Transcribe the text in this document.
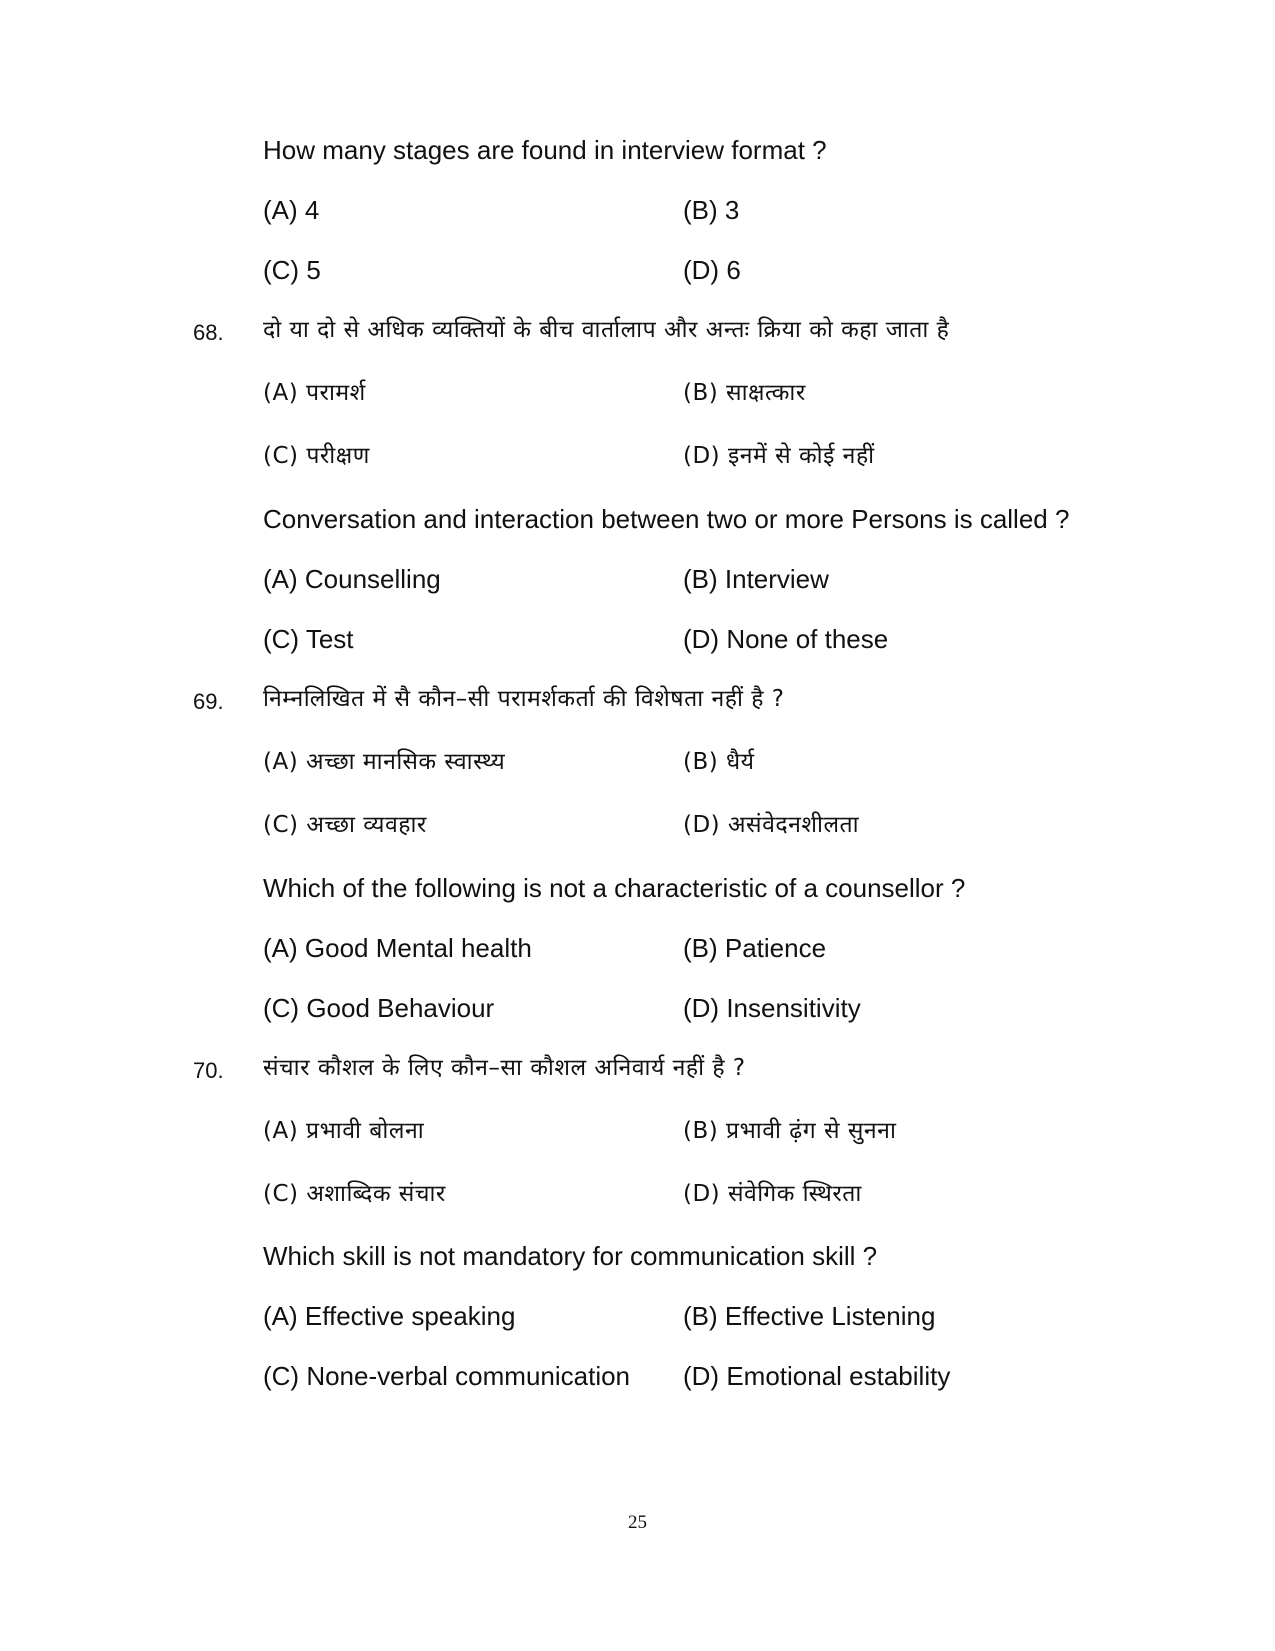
How many stages are found in interview format ?
(A) 4	(B) 3
(C) 5	(D) 6
68. दो या दो से अधिक व्यक्तियों के बीच वार्तालाप और अन्तः क्रिया को कहा जाता है
(A) परामर्श	(B) साक्षत्कार
(C) परीक्षण	(D) इनमें से कोई नहीं
Conversation and interaction between two or more Persons is called ?
(A) Counselling	(B) Interview
(C) Test	(D) None of these
69. निम्नलिखित में सै कौन–सी परामर्शकर्ता की विशेषता नहीं है ?
(A) अच्छा मानसिक स्वास्थ्य	(B) धैर्य
(C) अच्छा व्यवहार	(D) असंवेदनशीलता
Which of the following is not a characteristic of a counsellor ?
(A) Good Mental health	(B) Patience
(C) Good Behaviour	(D) Insensitivity
70. संचार कौशल के लिए कौन–सा कौशल अनिवार्य नहीं है ?
(A) प्रभावी बोलना	(B) प्रभावी ढ़ंग से सुनना
(C) अशाब्दिक संचार	(D) संवेगिक स्थिरता
Which skill is not mandatory for communication skill ?
(A) Effective speaking	(B) Effective Listening
(C) None-verbal communication (D) Emotional estability
25
